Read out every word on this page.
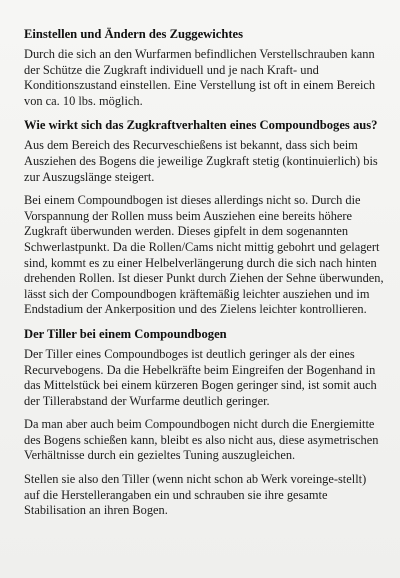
Einstellen und Ändern des Zuggewichtes

Durch die sich an den Wurfarmen befindlichen Verstellschrauben kann der Schütze die Zugkraft individuell und je nach Kraft- und Konditionszustand einstellen. Eine Verstellung ist oft in einem Bereich von ca. 10 lbs. möglich.

Wie wirkt sich das Zugkraftverhalten eines Compoundboges aus?

Aus dem Bereich des Recurveschießens ist bekannt, dass sich beim Ausziehen des Bogens die jeweilige Zugkraft stetig (kontinuierlich) bis zur Auszugslänge steigert.

Bei einem Compoundbogen ist dieses allerdings nicht so. Durch die Vorspannung der Rollen muss beim Ausziehen eine bereits höhere Zugkraft überwunden werden. Dieses gipfelt in dem sogenannten Schwerlastpunkt. Da die Rollen/Cams nicht mittig gebohrt und gelagert sind, kommt es zu einer Helbelverlängerung durch die sich nach hinten drehenden Rollen. Ist dieser Punkt durch Ziehen der Sehne überwunden, lässt sich der Compoundbogen kräftemäßig leichter ausziehen und im Endstadium der Ankerposition und des Zielens leichter kontrollieren.

Der Tiller bei einem Compoundbogen

Der Tiller eines Compoundboges ist deutlich geringer als der eines Recurvebogens. Da die Hebelkräfte beim Eingreifen der Bogenhand in das Mittelstück bei einem kürzeren Bogen geringer sind, ist somit auch der Tillerabstand der Wurfarme deutlich geringer.

Da man aber auch beim Compoundbogen nicht durch die Energiemitte des Bogens schießen kann, bleibt es also nicht aus, diese asymetrischen Verhältnisse durch ein gezieltes Tuning auszugleichen.

Stellen sie also den Tiller (wenn nicht schon ab Werk voreinge-stellt) auf die Herstellerangaben ein und schrauben sie ihre gesamte Stabilisation an ihren Bogen.
